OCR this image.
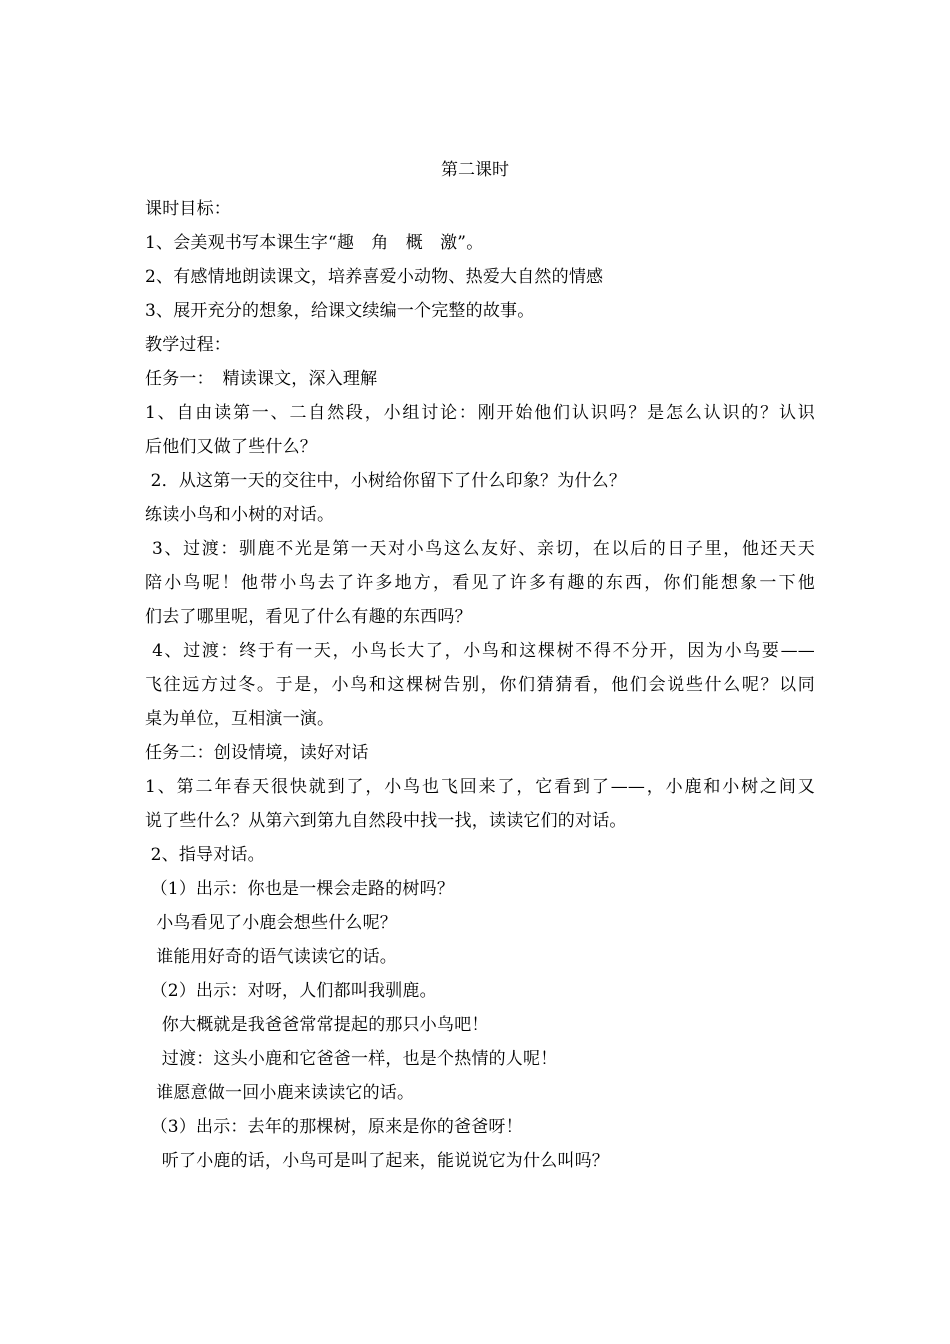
第二课时
课时目标：
1、会美观书写本课生字“趣　角　概　激”。
2、有感情地朗读课文，培养喜爱小动物、热爱大自然的情感
3、展开充分的想象，给课文续编一个完整的故事。
教学过程：
任务一：　精读课文，深入理解
1、自由读第一、二自然段，小组讨论：刚开始他们认识吗？是怎么认识的？认识
后他们又做了些什么？
2．从这第一天的交往中，小树给你留下了什么印象？为什么？
练读小鸟和小树的对话。
3、过渡：驯鹿不光是第一天对小鸟这么友好、亲切，在以后的日子里，他还天天
陪小鸟呢！他带小鸟去了许多地方，看见了许多有趣的东西，你们能想象一下他
们去了哪里呢，看见了什么有趣的东西吗？
4、过渡：终于有一天，小鸟长大了，小鸟和这棵树不得不分开，因为小鸟要——
飞往远方过冬。于是，小鸟和这棵树告别，你们猜猜看，他们会说些什么呢？以同
桌为单位，互相演一演。
任务二：创设情境，读好对话
1、第二年春天很快就到了，小鸟也飞回来了，它看到了——，小鹿和小树之间又
说了些什么？从第六到第九自然段中找一找，读读它们的对话。
2、指导对话。
（1）出示：你也是一棵会走路的树吗？
小鸟看见了小鹿会想些什么呢？
谁能用好奇的语气读读它的话。
（2）出示：对呀，人们都叫我驯鹿。
你大概就是我爸爸常常提起的那只小鸟吧！
过渡：这头小鹿和它爸爸一样，也是个热情的人呢！
谁愿意做一回小鹿来读读它的话。
（3）出示：去年的那棵树，原来是你的爸爸呀！
听了小鹿的话，小鸟可是叫了起来，能说说它为什么叫吗？
